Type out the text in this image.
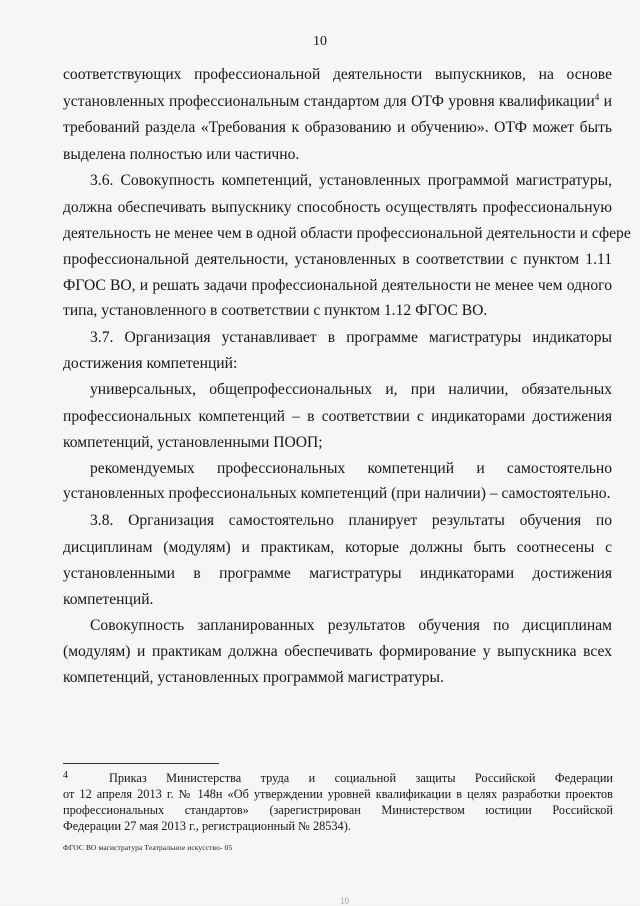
10
соответствующих профессиональной деятельности выпускников, на основе
установленных профессиональным стандартом для ОТФ уровня квалификации$^4$ и
требований раздела «Требования к образованию и обучению». ОТФ может быть
выделена полностью или частично.
3.6. Совокупность компетенций, установленных программой магистратуры,
должна обеспечивать выпускнику способность осуществлять профессиональную
деятельность не менее чем в одной области профессиональной деятельности и сфере
профессиональной деятельности, установленных в соответствии с пунктом 1.11
ФГОС ВО, и решать задачи профессиональной деятельности не менее чем одного
типа, установленного в соответствии с пунктом 1.12 ФГОС ВО.
3.7. Организация устанавливает в программе магистратуры индикаторы
достижения компетенций:
универсальных, общепрофессиональных и, при наличии, обязательных
профессиональных компетенций – в соответствии с индикаторами достижения
компетенций, установленными ПООП;
рекомендуемых профессиональных компетенций и самостоятельно
установленных профессиональных компетенций (при наличии) – самостоятельно.
3.8. Организация самостоятельно планирует результаты обучения по
дисциплинам (модулям) и практикам, которые должны быть соотнесены с
установленными в программе магистратуры индикаторами достижения
компетенций.
Совокупность запланированных результатов обучения по дисциплинам
(модулям) и практикам должна обеспечивать формирование у выпускника всех
компетенций, установленных программой магистратуры.
4	Приказ Министерства труда и социальной защиты Российской Федерации
от 12 апреля 2013 г. № 148н «Об утверждении уровней квалификации в целях разработки проектов
профессиональных стандартов» (зарегистрирован Министерством юстиции Российской
Федерации 27 мая 2013 г., регистрационный № 28534).
ФГОС ВО магистратура Театральное искусство- 05
10
